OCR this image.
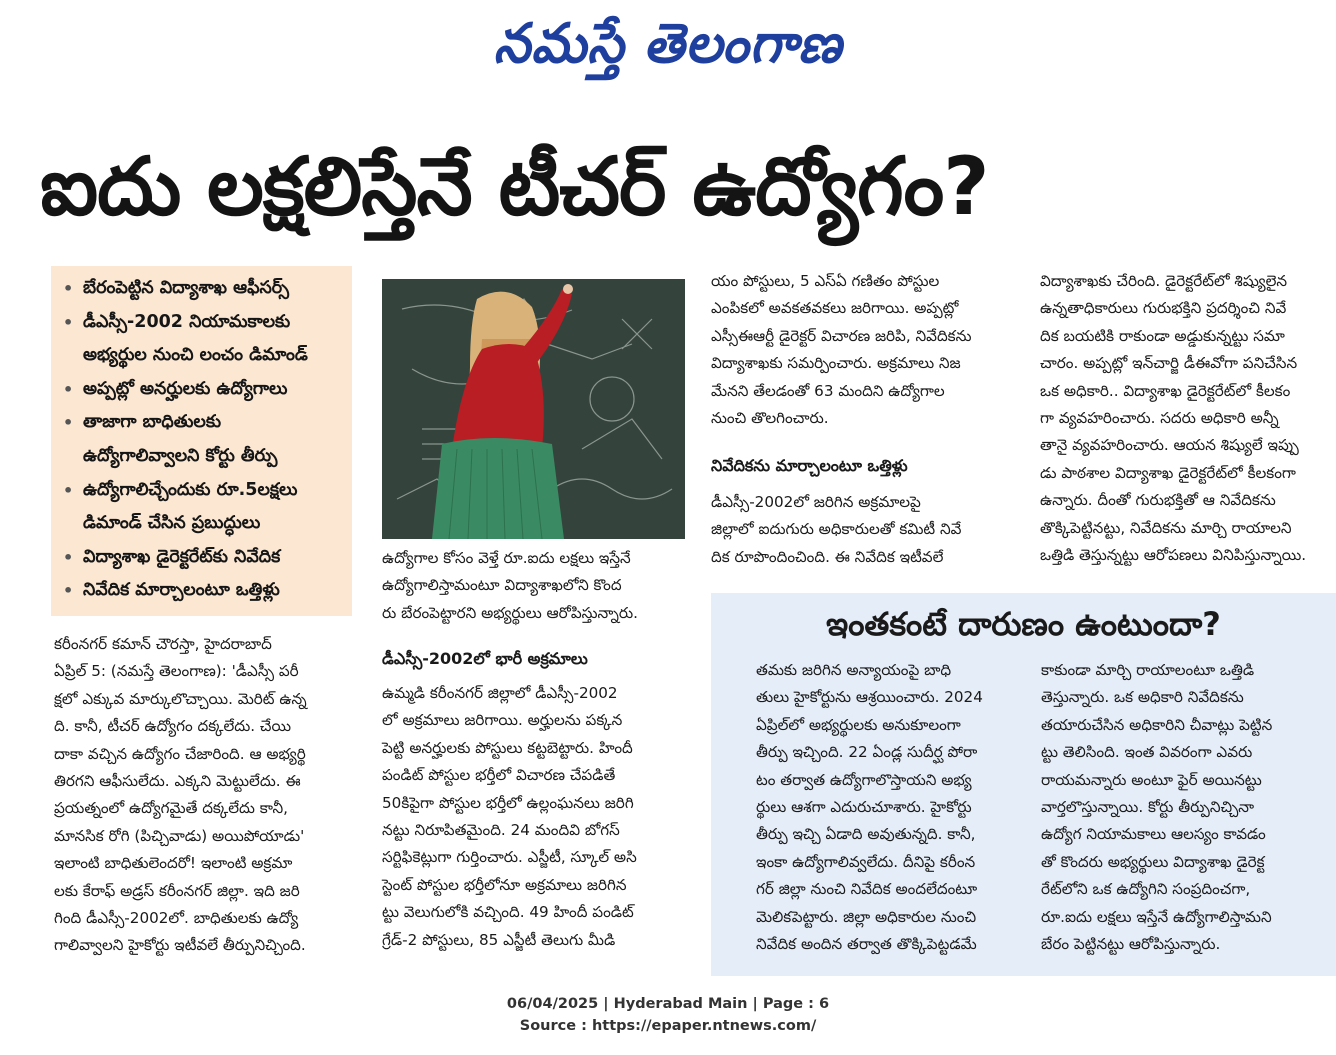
నమస్తే తెలంగాణ
ఐదు లక్షలిస్తేనే టీచర్ ఉద్యోగం?
• బేరంపెట్టిన విద్యాశాఖ ఆఫీసర్స్
• డీఎస్సీ-2002 నియామకాలకు
అభ్యర్థుల నుంచి లంచం డిమాండ్
• అప్పట్లో అనర్హులకు ఉద్యోగాలు
• తాజాగా బాధితులకు
ఉద్యోగాలివ్వాలని కోర్టు తీర్పు
• ఉద్యోగాలిచ్చేందుకు రూ.5లక్షలు
డిమాండ్ చేసిన ప్రబుద్ధులు
• విద్యాశాఖ డైరెక్టరేట్‌కు నివేదిక
• నివేదిక మార్చాలంటూ ఒత్తిళ్లు

కరీంనగర్ కమాన్ చౌరస్తా, హైదరాబాద్

ఏప్రిల్ 5: (నమస్తే తెలంగాణ): 'డీఎస్సీ పరీ

క్షలో ఎక్కువ మార్కులొచ్చాయి. మెరిట్ ఉన్న

ది. కానీ, టీచర్ ఉద్యోగం దక్కలేదు. చేయి

దాకా వచ్చిన ఉద్యోగం చేజారింది. ఆ అభ్యర్థి

తిరగని ఆఫీసులేదు. ఎక్కని మెట్టులేదు. ఈ

ప్రయత్నంలో ఉద్యోగమైతే దక్కలేదు కానీ,

మానసిక రోగి (పిచ్చివాడు) అయిపోయాడు'

ఇలాంటి బాధితులెందరో! ఇలాంటి అక్రమా

లకు కేరాఫ్ అడ్రస్ కరీంనగర్ జిల్లా. ఇది జరి

గింది డీఎస్సీ-2002లో. బాధితులకు ఉద్యో

గాలివ్వాలని హైకోర్టు ఇటీవలే తీర్పునిచ్చింది.

ఉద్యోగాల కోసం వెళ్తే రూ.ఐదు లక్షలు ఇస్తేనే

ఉద్యోగాలిస్తామంటూ విద్యాశాఖలోని కొంద

రు బేరంపెట్టారని అభ్యర్థులు ఆరోపిస్తున్నారు.

డీఎస్సీ-2002లో భారీ అక్రమాలు

ఉమ్మడి కరీంనగర్ జిల్లాలో డీఎస్సీ-2002

లో అక్రమాలు జరిగాయి. అర్హులను పక్కన

పెట్టి అనర్హులకు పోస్టులు కట్టబెట్టారు. హిందీ

పండిట్ పోస్టుల భర్తీలో విచారణ చేపడితే

50కిపైగా పోస్టుల భర్తీలో ఉల్లంఘనలు జరిగి

నట్టు నిరూపితమైంది. 24 మందివి బోగస్

సర్టిఫికెట్లుగా గుర్తించారు. ఎస్జీటీ, స్కూల్ అసి

స్టెంట్ పోస్టుల భర్తీలోనూ అక్రమాలు జరిగిన

ట్టు వెలుగులోకి వచ్చింది. 49 హిందీ పండిట్

గ్రేడ్-2 పోస్టులు, 85 ఎస్జీటీ తెలుగు మీడి

యం పోస్టులు, 5 ఎస్ఏ గణితం పోస్టుల

ఎంపికలో అవకతవకలు జరిగాయి. అప్పట్లో

ఎస్సీఈఆర్టీ డైరెక్టర్ విచారణ జరిపి, నివేదికను

విద్యాశాఖకు సమర్పించారు. అక్రమాలు నిజ

మేనని తేలడంతో 63 మందిని ఉద్యోగాల

నుంచి తొలగించారు.

నివేదికను మార్చాలంటూ ఒత్తిళ్లు

డీఎస్సీ-2002లో జరిగిన అక్రమాలపై

జిల్లాలో ఐదుగురు అధికారులతో కమిటీ నివే

దిక రూపొందించింది. ఈ నివేదిక ఇటీవలే

విద్యాశాఖకు చేరింది. డైరెక్టరేట్‌లో శిష్యులైన

ఉన్నతాధికారులు గురుభక్తిని ప్రదర్శించి నివే

దిక బయటికి రాకుండా అడ్డుకున్నట్టు సమా

చారం. అప్పట్లో ఇన్‌చార్జి డీఈవోగా పనిచేసిన

ఒక అధికారి.. విద్యాశాఖ డైరెక్టరేట్‌లో కీలకం

గా వ్యవహరించారు. సదరు అధికారి అన్నీ

తానై వ్యవహరించారు. ఆయన శిష్యులే ఇప్పు

డు పాఠశాల విద్యాశాఖ డైరెక్టరేట్‌లో కీలకంగా

ఉన్నారు. దీంతో గురుభక్తితో ఆ నివేదికను

తొక్కిపెట్టినట్టు, నివేదికను మార్చి రాయాలని

ఒత్తిడి తెస్తున్నట్టు ఆరోపణలు వినిపిస్తున్నాయి.

ఇంతకంటే దారుణం ఉంటుందా?

తమకు జరిగిన అన్యాయంపై బాధి

తులు హైకోర్టును ఆశ్రయించారు. 2024

ఏప్రిల్‌లో అభ్యర్థులకు అనుకూలంగా

తీర్పు ఇచ్చింది. 22 ఏండ్ల సుదీర్ఘ పోరా

టం తర్వాత ఉద్యోగాలొస్తాయని అభ్య

ర్థులు ఆశగా ఎదురుచూశారు. హైకోర్టు

తీర్పు ఇచ్చి ఏడాది అవుతున్నది. కానీ,

ఇంకా ఉద్యోగాలివ్వలేదు. దీనిపై కరీంన

గర్ జిల్లా నుంచి నివేదిక అందలేదంటూ

మెలికపెట్టారు. జిల్లా అధికారుల నుంచి

నివేదిక అందిన తర్వాత తొక్కిపెట్టడమే

కాకుండా మార్చి రాయాలంటూ ఒత్తిడి

తెస్తున్నారు. ఒక అధికారి నివేదికను

తయారుచేసిన అధికారిని చీవాట్లు పెట్టిన

ట్టు తెలిసింది. ఇంత వివరంగా ఎవరు

రాయమన్నారు అంటూ ఫైర్ అయినట్టు

వార్తలొస్తున్నాయి. కోర్టు తీర్పునిచ్చినా

ఉద్యోగ నియామకాలు ఆలస్యం కావడం

తో కొందరు అభ్యర్థులు విద్యాశాఖ డైరెక్ట

రేట్‌లోని ఒక ఉద్యోగిని సంప్రదించగా,

రూ.ఐదు లక్షలు ఇస్తేనే ఉద్యోగాలిస్తామని

బేరం పెట్టినట్టు ఆరోపిస్తున్నారు.

06/04/2025 | Hyderabad Main | Page : 6
Source : https://epaper.ntnews.com/
